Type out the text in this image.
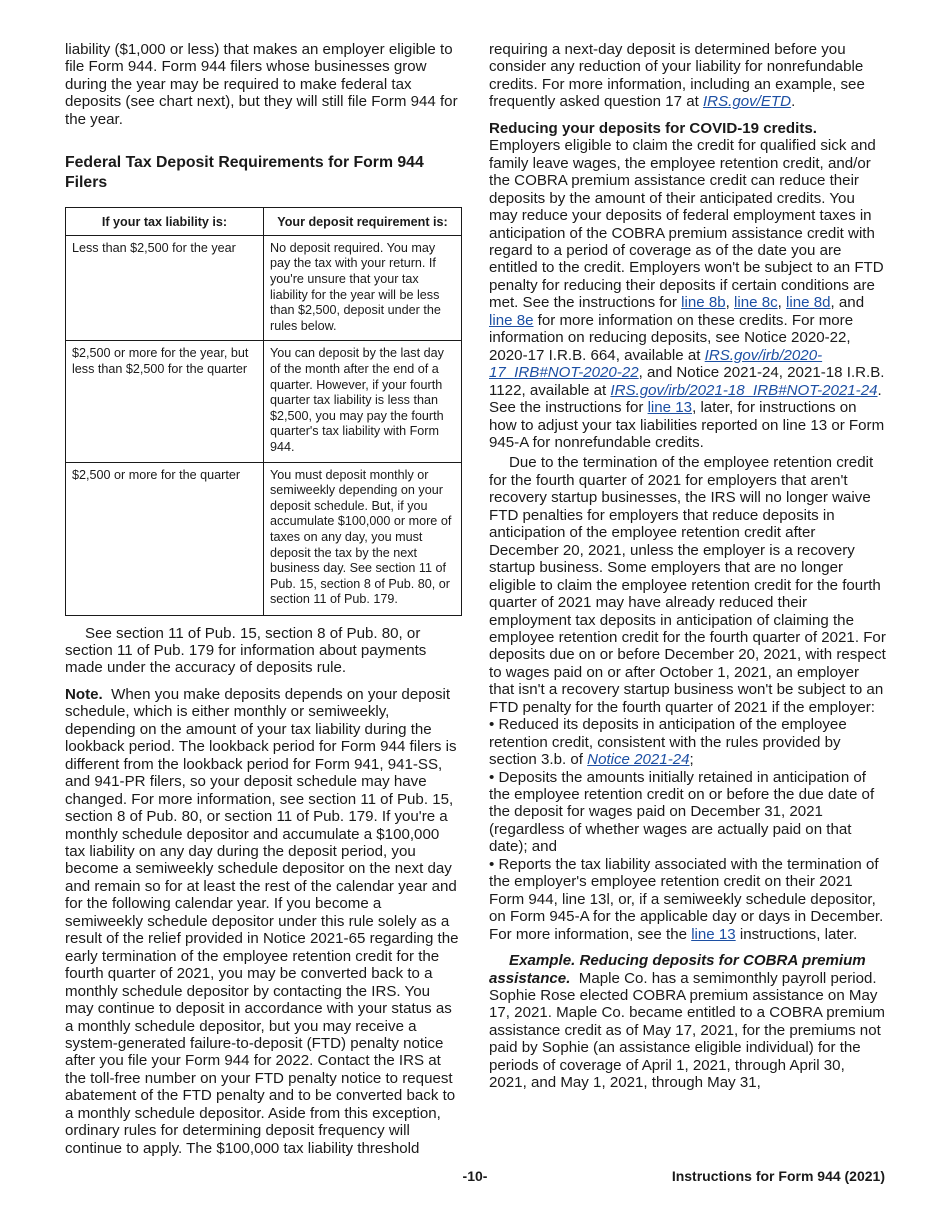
liability ($1,000 or less) that makes an employer eligible to file Form 944. Form 944 filers whose businesses grow during the year may be required to make federal tax deposits (see chart next), but they will still file Form 944 for the year.

Federal Tax Deposit Requirements for Form 944 Filers
If your tax liability is:	Your deposit requirement is:
Less than $2,500 for the year	No deposit required. You may pay the tax with your return. If you're unsure that your tax liability for the year will be less than $2,500, deposit under the rules below.
$2,500 or more for the year, but less than $2,500 for the quarter	You can deposit by the last day of the month after the end of a quarter. However, if your fourth quarter tax liability is less than $2,500, you may pay the fourth quarter's tax liability with Form 944.
$2,500 or more for the quarter	You must deposit monthly or semiweekly depending on your deposit schedule. But, if you accumulate $100,000 or more of taxes on any day, you must deposit the tax by the next business day. See section 11 of Pub. 15, section 8 of Pub. 80, or section 11 of Pub. 179.

See section 11 of Pub. 15, section 8 of Pub. 80, or section 11 of Pub. 179 for information about payments made under the accuracy of deposits rule.

Note. When you make deposits depends on your deposit schedule, which is either monthly or semiweekly, depending on the amount of your tax liability during the lookback period. The lookback period for Form 944 filers is different from the lookback period for Form 941, 941-SS, and 941-PR filers, so your deposit schedule may have changed. For more information, see section 11 of Pub. 15, section 8 of Pub. 80, or section 11 of Pub. 179. If you're a monthly schedule depositor and accumulate a $100,000 tax liability on any day during the deposit period, you become a semiweekly schedule depositor on the next day and remain so for at least the rest of the calendar year and for the following calendar year. If you become a semiweekly schedule depositor under this rule solely as a result of the relief provided in Notice 2021-65 regarding the early termination of the employee retention credit for the fourth quarter of 2021, you may be converted back to a monthly schedule depositor by contacting the IRS. You may continue to deposit in accordance with your status as a monthly schedule depositor, but you may receive a system-generated failure-to-deposit (FTD) penalty notice after you file your Form 944 for 2022. Contact the IRS at the toll-free number on your FTD penalty notice to request abatement of the FTD penalty and to be converted back to a monthly schedule depositor. Aside from this exception, ordinary rules for determining deposit frequency will continue to apply. The $100,000 tax liability threshold

requiring a next-day deposit is determined before you consider any reduction of your liability for nonrefundable credits. For more information, including an example, see frequently asked question 17 at IRS.gov/ETD.

Reducing your deposits for COVID-19 credits. Employers eligible to claim the credit for qualified sick and family leave wages, the employee retention credit, and/or the COBRA premium assistance credit can reduce their deposits by the amount of their anticipated credits. You may reduce your deposits of federal employment taxes in anticipation of the COBRA premium assistance credit with regard to a period of coverage as of the date you are entitled to the credit. Employers won't be subject to an FTD penalty for reducing their deposits if certain conditions are met. See the instructions for line 8b, line 8c, line 8d, and line 8e for more information on these credits. For more information on reducing deposits, see Notice 2020-22, 2020-17 I.R.B. 664, available at IRS.gov/irb/2020-17_IRB#NOT-2020-22, and Notice 2021-24, 2021-18 I.R.B. 1122, available at IRS.gov/irb/2021-18_IRB#NOT-2021-24. See the instructions for line 13, later, for instructions on how to adjust your tax liabilities reported on line 13 or Form 945-A for nonrefundable credits.

Due to the termination of the employee retention credit for the fourth quarter of 2021 for employers that aren't recovery startup businesses, the IRS will no longer waive FTD penalties for employers that reduce deposits in anticipation of the employee retention credit after December 20, 2021, unless the employer is a recovery startup business. Some employers that are no longer eligible to claim the employee retention credit for the fourth quarter of 2021 may have already reduced their employment tax deposits in anticipation of claiming the employee retention credit for the fourth quarter of 2021. For deposits due on or before December 20, 2021, with respect to wages paid on or after October 1, 2021, an employer that isn't a recovery startup business won't be subject to an FTD penalty for the fourth quarter of 2021 if the employer:

• Reduced its deposits in anticipation of the employee retention credit, consistent with the rules provided by section 3.b. of Notice 2021-24;

• Deposits the amounts initially retained in anticipation of the employee retention credit on or before the due date of the deposit for wages paid on December 31, 2021 (regardless of whether wages are actually paid on that date); and

• Reports the tax liability associated with the termination of the employer's employee retention credit on their 2021 Form 944, line 13l, or, if a semiweekly schedule depositor, on Form 945-A for the applicable day or days in December. For more information, see the line 13 instructions, later.

Example. Reducing deposits for COBRA premium assistance. Maple Co. has a semimonthly payroll period. Sophie Rose elected COBRA premium assistance on May 17, 2021. Maple Co. became entitled to a COBRA premium assistance credit as of May 17, 2021, for the premiums not paid by Sophie (an assistance eligible individual) for the periods of coverage of April 1, 2021, through April 30, 2021, and May 1, 2021, through May 31,

-10-	Instructions for Form 944 (2021)
